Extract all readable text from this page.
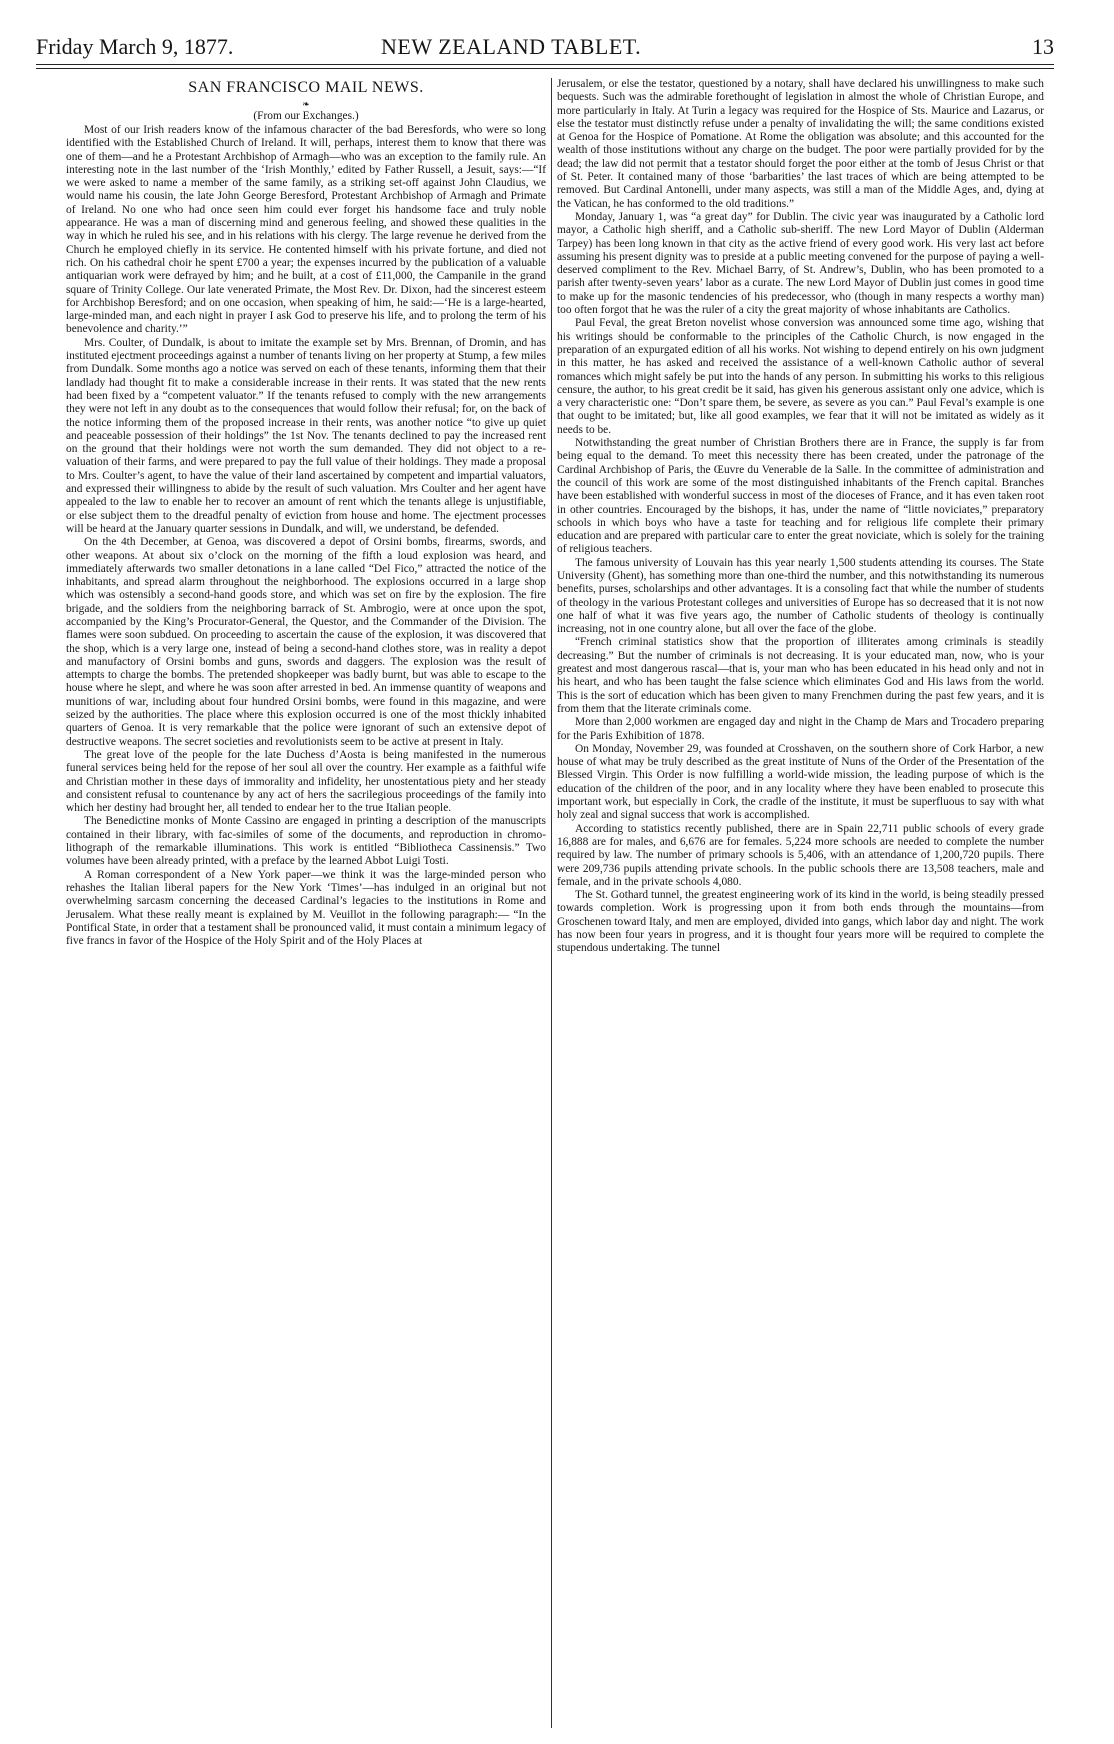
Friday March 9, 1877.	NEW ZEALAND TABLET.	13
SAN FRANCISCO MAIL NEWS.
❧
(From our Exchanges.)

Most of our Irish readers know of the infamous character of the bad Beresfords, who were so long identified with the Established Church of Ireland. It will, perhaps, interest them to know that there was one of them—and he a Protestant Archbishop of Armagh—who was an exception to the family rule. An interesting note in the last number of the ‘Irish Monthly,’ edited by Father Russell, a Jesuit, says:—“If we were asked to name a member of the same family, as a striking set-off against John Claudius, we would name his cousin, the late John George Beresford, Protestant Archbishop of Armagh and Primate of Ireland. No one who had once seen him could ever forget his handsome face and truly noble appearance. He was a man of discerning mind and generous feeling, and showed these qualities in the way in which he ruled his see, and in his relations with his clergy. The large revenue he derived from the Church he employed chiefly in its service. He contented himself with his private fortune, and died not rich. On his cathedral choir he spent £700 a year; the expenses incurred by the publication of a valuable antiquarian work were defrayed by him; and he built, at a cost of £11,000, the Campanile in the grand square of Trinity College. Our late venerated Primate, the Most Rev. Dr. Dixon, had the sincerest esteem for Archbishop Beresford; and on one occasion, when speaking of him, he said:—‘He is a large-hearted, large-minded man, and each night in prayer I ask God to preserve his life, and to prolong the term of his benevolence and charity.’”

Mrs. Coulter, of Dundalk, is about to imitate the example set by Mrs. Brennan, of Dromin, and has instituted ejectment proceedings against a number of tenants living on her property at Stump, a few miles from Dundalk. Some months ago a notice was served on each of these tenants, informing them that their landlady had thought fit to make a considerable increase in their rents. It was stated that the new rents had been fixed by a “competent valuator.” If the tenants refused to comply with the new arrangements they were not left in any doubt as to the consequences that would follow their refusal; for, on the back of the notice informing them of the proposed increase in their rents, was another notice “to give up quiet and peaceable possession of their holdings” the 1st Nov. The tenants declined to pay the increased rent on the ground that their holdings were not worth the sum demanded. They did not object to a re-valuation of their farms, and were prepared to pay the full value of their holdings. They made a proposal to Mrs. Coulter’s agent, to have the value of their land ascertained by competent and impartial valuators, and expressed their willingness to abide by the result of such valuation. Mrs Coulter and her agent have appealed to the law to enable her to recover an amount of rent which the tenants allege is unjustifiable, or else subject them to the dreadful penalty of eviction from house and home. The ejectment processes will be heard at the January quarter sessions in Dundalk, and will, we understand, be defended.

On the 4th December, at Genoa, was discovered a depot of Orsini bombs, firearms, swords, and other weapons. At about six o’clock on the morning of the fifth a loud explosion was heard, and immediately afterwards two smaller detonations in a lane called “Del Fico,” attracted the notice of the inhabitants, and spread alarm throughout the neighborhood. The explosions occurred in a large shop which was ostensibly a second-hand goods store, and which was set on fire by the explosion. The fire brigade, and the soldiers from the neighboring barrack of St. Ambrogio, were at once upon the spot, accompanied by the King’s Procurator-General, the Questor, and the Commander of the Division. The flames were soon subdued. On proceeding to ascertain the cause of the explosion, it was discovered that the shop, which is a very large one, instead of being a second-hand clothes store, was in reality a depot and manufactory of Orsini bombs and guns, swords and daggers. The explosion was the result of attempts to charge the bombs. The pretended shopkeeper was badly burnt, but was able to escape to the house where he slept, and where he was soon after arrested in bed. An immense quantity of weapons and munitions of war, including about four hundred Orsini bombs, were found in this magazine, and were seized by the authorities. The place where this explosion occurred is one of the most thickly inhabited quarters of Genoa. It is very remarkable that the police were ignorant of such an extensive depot of destructive weapons. The secret societies and revolutionists seem to be active at present in Italy.

The great love of the people for the late Duchess d’Aosta is being manifested in the numerous funeral services being held for the repose of her soul all over the country. Her example as a faithful wife and Christian mother in these days of immorality and infidelity, her unostentatious piety and her steady and consistent refusal to countenance by any act of hers the sacrilegious proceedings of the family into which her destiny had brought her, all tended to endear her to the true Italian people.

The Benedictine monks of Monte Cassino are engaged in printing a description of the manuscripts contained in their library, with fac-similes of some of the documents, and reproduction in chromo-lithograph of the remarkable illuminations. This work is entitled “Bibliotheca Cassinensis.” Two volumes have been already printed, with a preface by the learned Abbot Luigi Tosti.

A Roman correspondent of a New York paper—we think it was the large-minded person who rehashes the Italian liberal papers for the New York ‘Times’—has indulged in an original but not overwhelming sarcasm concerning the deceased Cardinal’s legacies to the institutions in Rome and Jerusalem. What these really meant is explained by M. Veuillot in the following paragraph:— “In the Pontifical State, in order that a testament shall be pronounced valid, it must contain a minimum legacy of five francs in favor of the Hospice of the Holy Spirit and of the Holy Places at

Jerusalem, or else the testator, questioned by a notary, shall have declared his unwillingness to make such bequests. Such was the admirable forethought of legislation in almost the whole of Christian Europe, and more particularly in Italy. At Turin a legacy was required for the Hospice of Sts. Maurice and Lazarus, or else the testator must distinctly refuse under a penalty of invalidating the will; the same conditions existed at Genoa for the Hospice of Pomatione. At Rome the obligation was absolute; and this accounted for the wealth of those institutions without any charge on the budget. The poor were partially provided for by the dead; the law did not permit that a testator should forget the poor either at the tomb of Jesus Christ or that of St. Peter. It contained many of those ‘barbarities’ the last traces of which are being attempted to be removed. But Cardinal Antonelli, under many aspects, was still a man of the Middle Ages, and, dying at the Vatican, he has conformed to the old traditions.”

Monday, January 1, was “a great day” for Dublin. The civic year was inaugurated by a Catholic lord mayor, a Catholic high sheriff, and a Catholic sub-sheriff. The new Lord Mayor of Dublin (Alderman Tarpey) has been long known in that city as the active friend of every good work. His very last act before assuming his present dignity was to preside at a public meeting convened for the purpose of paying a well-deserved compliment to the Rev. Michael Barry, of St. Andrew’s, Dublin, who has been promoted to a parish after twenty-seven years’ labor as a curate. The new Lord Mayor of Dublin just comes in good time to make up for the masonic tendencies of his predecessor, who (though in many respects a worthy man) too often forgot that he was the ruler of a city the great majority of whose inhabitants are Catholics.

Paul Feval, the great Breton novelist whose conversion was announced some time ago, wishing that his writings should be conformable to the principles of the Catholic Church, is now engaged in the preparation of an expurgated edition of all his works. Not wishing to depend entirely on his own judgment in this matter, he has asked and received the assistance of a well-known Catholic author of several romances which might safely be put into the hands of any person. In submitting his works to this religious censure, the author, to his great credit be it said, has given his generous assistant only one advice, which is a very characteristic one: “Don’t spare them, be severe, as severe as you can.” Paul Feval’s example is one that ought to be imitated; but, like all good examples, we fear that it will not be imitated as widely as it needs to be.

Notwithstanding the great number of Christian Brothers there are in France, the supply is far from being equal to the demand. To meet this necessity there has been created, under the patronage of the Cardinal Archbishop of Paris, the Œuvre du Venerable de la Salle. In the committee of administration and the council of this work are some of the most distinguished inhabitants of the French capital. Branches have been established with wonderful success in most of the dioceses of France, and it has even taken root in other countries. Encouraged by the bishops, it has, under the name of “little noviciates,” preparatory schools in which boys who have a taste for teaching and for religious life complete their primary education and are prepared with particular care to enter the great noviciate, which is solely for the training of religious teachers.

The famous university of Louvain has this year nearly 1,500 students attending its courses. The State University (Ghent), has something more than one-third the number, and this notwithstanding its numerous benefits, purses, scholarships and other advantages. It is a consoling fact that while the number of students of theology in the various Protestant colleges and universities of Europe has so decreased that it is not now one half of what it was five years ago, the number of Catholic students of theology is continually increasing, not in one country alone, but all over the face of the globe.

“French criminal statistics show that the proportion of illiterates among criminals is steadily decreasing.” But the number of criminals is not decreasing. It is your educated man, now, who is your greatest and most dangerous rascal—that is, your man who has been educated in his head only and not in his heart, and who has been taught the false science which eliminates God and His laws from the world. This is the sort of education which has been given to many Frenchmen during the past few years, and it is from them that the literate criminals come.

More than 2,000 workmen are engaged day and night in the Champ de Mars and Trocadero preparing for the Paris Exhibition of 1878.

On Monday, November 29, was founded at Crosshaven, on the southern shore of Cork Harbor, a new house of what may be truly described as the great institute of Nuns of the Order of the Presentation of the Blessed Virgin. This Order is now fulfilling a world-wide mission, the leading purpose of which is the education of the children of the poor, and in any locality where they have been enabled to prosecute this important work, but especially in Cork, the cradle of the institute, it must be superfluous to say with what holy zeal and signal success that work is accomplished.

According to statistics recently published, there are in Spain 22,711 public schools of every grade 16,888 are for males, and 6,676 are for females. 5,224 more schools are needed to complete the number required by law. The number of primary schools is 5,406, with an attendance of 1,200,720 pupils. There were 209,736 pupils attending private schools. In the public schools there are 13,508 teachers, male and female, and in the private schools 4,080.

The St. Gothard tunnel, the greatest engineering work of its kind in the world, is being steadily pressed towards completion. Work is progressing upon it from both ends through the mountains—from Groschenen toward Italy, and men are employed, divided into gangs, which labor day and night. The work has now been four years in progress, and it is thought four years more will be required to complete the stupendous undertaking. The tunnel
